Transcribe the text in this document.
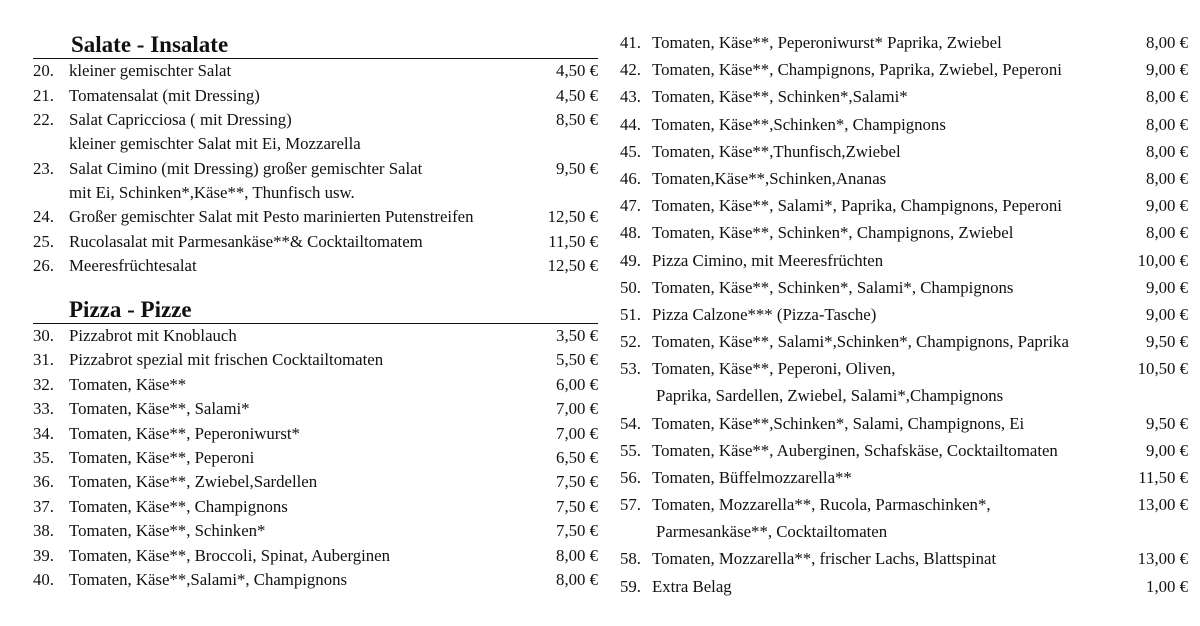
Salate - Insalate
20. kleiner gemischter Salat	4,50 €
21. Tomatensalat (mit Dressing)	4,50 €
22. Salat Capricciosa ( mit Dressing)	8,50 €
kleiner gemischter Salat mit Ei, Mozzarella
23. Salat Cimino (mit Dressing) großer gemischter Salat	9,50 €
mit Ei, Schinken*,Käse**, Thunfisch usw.
24. Großer gemischter Salat mit Pesto marinierten Putenstreifen	12,50 €
25. Rucolasalat mit Parmesankäse**& Cocktailtomatem	11,50 €
26. Meeresfrüchtesalat	12,50 €
Pizza - Pizze
30. Pizzabrot mit Knoblauch	3,50 €
31. Pizzabrot spezial mit frischen Cocktailtomaten	5,50 €
32. Tomaten, Käse**	6,00 €
33. Tomaten, Käse**, Salami*	7,00 €
34. Tomaten, Käse**, Peperoniwurst*	7,00 €
35. Tomaten, Käse**, Peperoni	6,50 €
36. Tomaten, Käse**, Zwiebel,Sardellen	7,50 €
37. Tomaten, Käse**, Champignons	7,50 €
38. Tomaten, Käse**, Schinken*	7,50 €
39. Tomaten, Käse**, Broccoli, Spinat, Auberginen	8,00 €
40. Tomaten, Käse**,Salami*, Champignons	8,00 €
41. Tomaten, Käse**, Peperoniwurst* Paprika, Zwiebel	8,00 €
42. Tomaten, Käse**, Champignons, Paprika, Zwiebel, Peperoni	9,00 €
43. Tomaten, Käse**, Schinken*,Salami*	8,00 €
44. Tomaten, Käse**,Schinken*, Champignons	8,00 €
45. Tomaten, Käse**,Thunfisch,Zwiebel	8,00 €
46. Tomaten,Käse**,Schinken,Ananas	8,00 €
47. Tomaten, Käse**, Salami*, Paprika, Champignons, Peperoni	9,00 €
48. Tomaten, Käse**, Schinken*, Champignons, Zwiebel	8,00 €
49. Pizza Cimino, mit Meeresfrüchten	10,00 €
50. Tomaten, Käse**, Schinken*, Salami*, Champignons	9,00 €
51. Pizza Calzone*** (Pizza-Tasche)	9,00 €
52. Tomaten, Käse**, Salami*,Schinken*, Champignons, Paprika	9,50 €
53. Tomaten, Käse**, Peperoni, Oliven,	10,50 €
Paprika, Sardellen, Zwiebel, Salami*,Champignons
54. Tomaten, Käse**,Schinken*, Salami, Champignons, Ei	9,50 €
55. Tomaten, Käse**, Auberginen, Schafskäse, Cocktailtomaten	9,00 €
56. Tomaten, Büffelmozzarella**	11,50 €
57. Tomaten, Mozzarella**, Rucola, Parmaschinken*,	13,00 €
Parmesankäse**, Cocktailtomaten
58. Tomaten, Mozzarella**, frischer Lachs, Blattspinat	13,00 €
59. Extra Belag	1,00 €
